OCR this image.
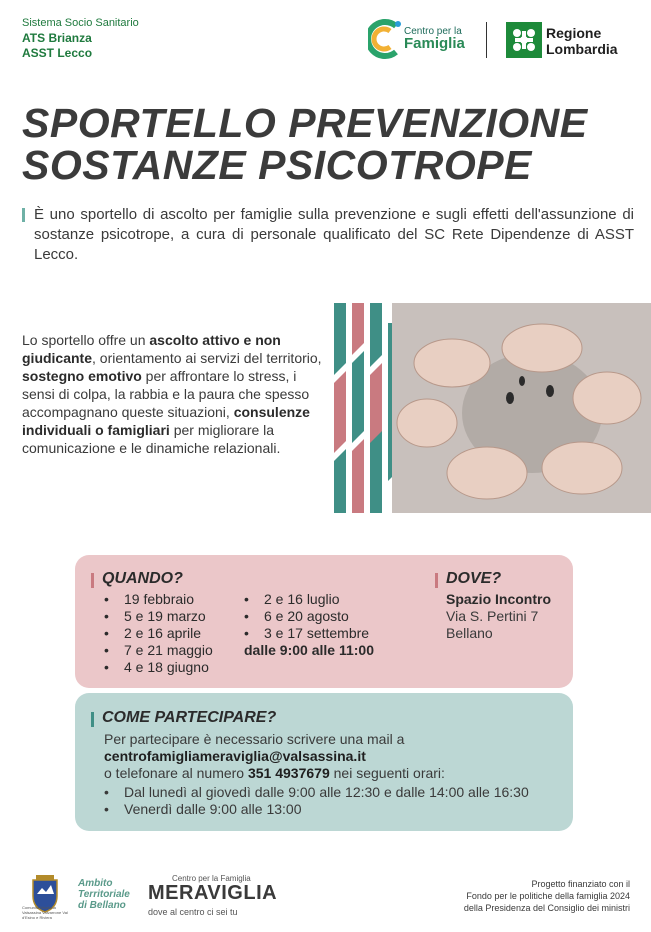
Sistema Socio Sanitario
ATS Brianza
ASST Lecco
Centro per la
Famiglia
Regione
Lombardia
SPORTELLO PREVENZIONE
SOSTANZE PSICOTROPE
È uno sportello di ascolto per famiglie sulla prevenzione e sugli effetti dell'assunzione di sostanze psicotrope, a cura di personale qualificato del SC Rete Dipendenze di ASST Lecco.
Lo sportello offre un ascolto attivo e non giudicante, orientamento ai servizi del territorio, sostegno emotivo per affrontare lo stress, i sensi di colpa, la rabbia e la paura che spesso accompagnano queste situazioni, consulenze individuali o famigliari per migliorare la comunicazione e le dinamiche relazionali.
QUANDO?
• 19 febbraio
• 5 e 19 marzo
• 2 e 16 aprile
• 7 e 21 maggio
• 4 e 18 giugno
• 2 e 16 luglio
• 6 e 20 agosto
• 3 e 17 settembre
dalle 9:00 alle 11:00
DOVE?
Spazio Incontro
Via S. Pertini 7
Bellano
COME PARTECIPARE?
Per partecipare è necessario scrivere una mail a
centrofamigliameraviglia@valsassina.it
o telefonare al numero 351 4937679 nei seguenti orari:
• Dal lunedì al giovedì dalle 9:00 alle 12:30 e dalle 14:00 alle 16:30
• Venerdì dalle 9:00 alle 13:00
Comunità Montana Valsassina Valvarrone Val d'Esino e Riviera
Ambito
Territoriale
di Bellano
Centro per la Famiglia
MERAVIGLIA
dove al centro ci sei tu
Progetto finanziato con il
Fondo per le politiche della famiglia 2024
della Presidenza del Consiglio dei ministri
